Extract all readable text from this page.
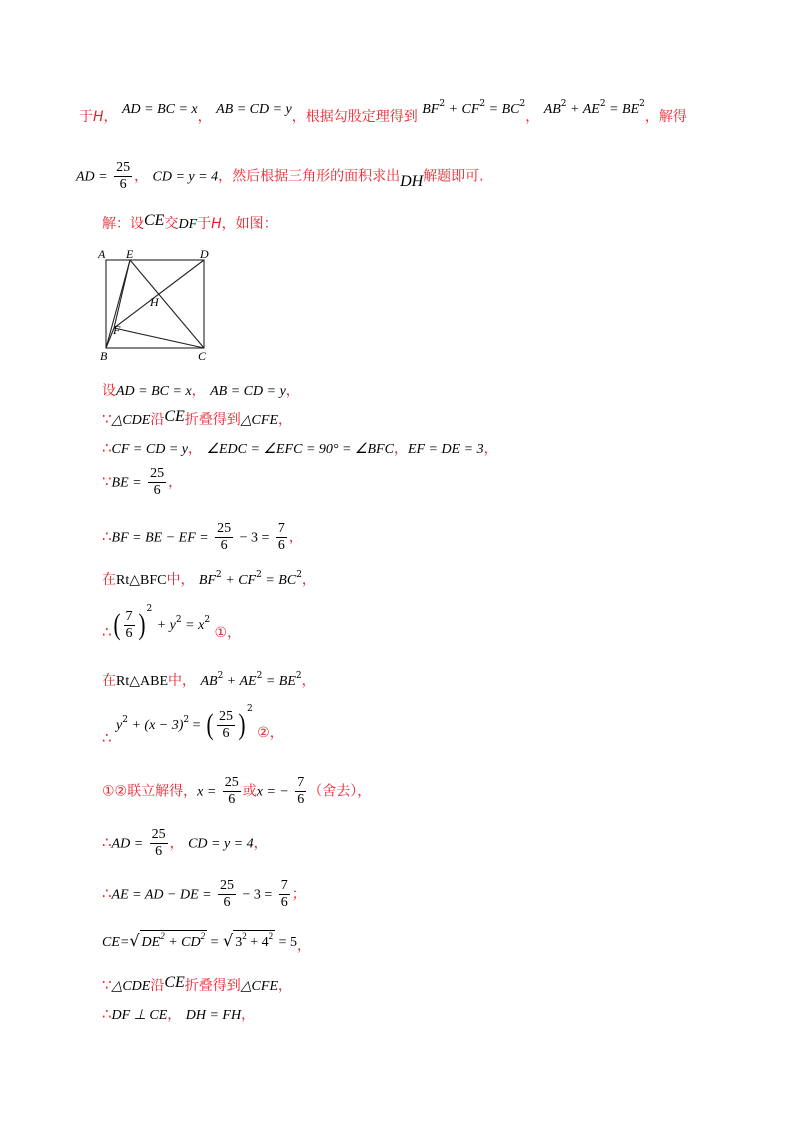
于H， AD = BC = x， AB = CD = y，根据勾股定理得到 $BF^2 + CF^2 = BC^2$， $AB^2 + AE^2 = BE^2$，解得
AD = $\frac{25}{6}$ ， CD = y = 4，然后根据三角形的面积求出DH解题即可.
解：设CE交DF于H，如图：
A E	D
H
F
B	C
设AD = BC = x， AB = CD = y，
∵△CDE沿CE折叠得到△CFE，
∴CF = CD = y， ∠EDC = ∠EFC = 90° = ∠BFC，EF = DE = 3，
∵BE = $\frac{25}{6}$ ，
∴BF = BE − EF = $\frac{25}{6} - 3 = \frac{7}{6}$ ，
在Rt△BFC中， $BF^2 + CF^2 = BC^2$，
∴( $\frac{7}{6}$ ) $^2 + y^2 = x^2$ ①，
在Rt△ABE中， $AB^2 + AE^2 = BE^2$，
∴ $y^2 + (x - 3)^2$ = ( $\frac{25}{6}$ ) $^2$ ②，
①②联立解得，$x = \frac{25}{6}$ 或x = − $\frac{7}{6}$ （舍去），
∴AD = $\frac{25}{6}$ ， CD = y = 4，
∴AE = AD − DE = $\frac{25}{6} - 3 = \frac{7}{6}$ ；
CE=√ $DE^2 + CD^2$ = √ $3^2 + 4^2 = 5$，
∵△CDE沿CE折叠得到△CFE，
∴DF ⊥ CE， DH = FH，
